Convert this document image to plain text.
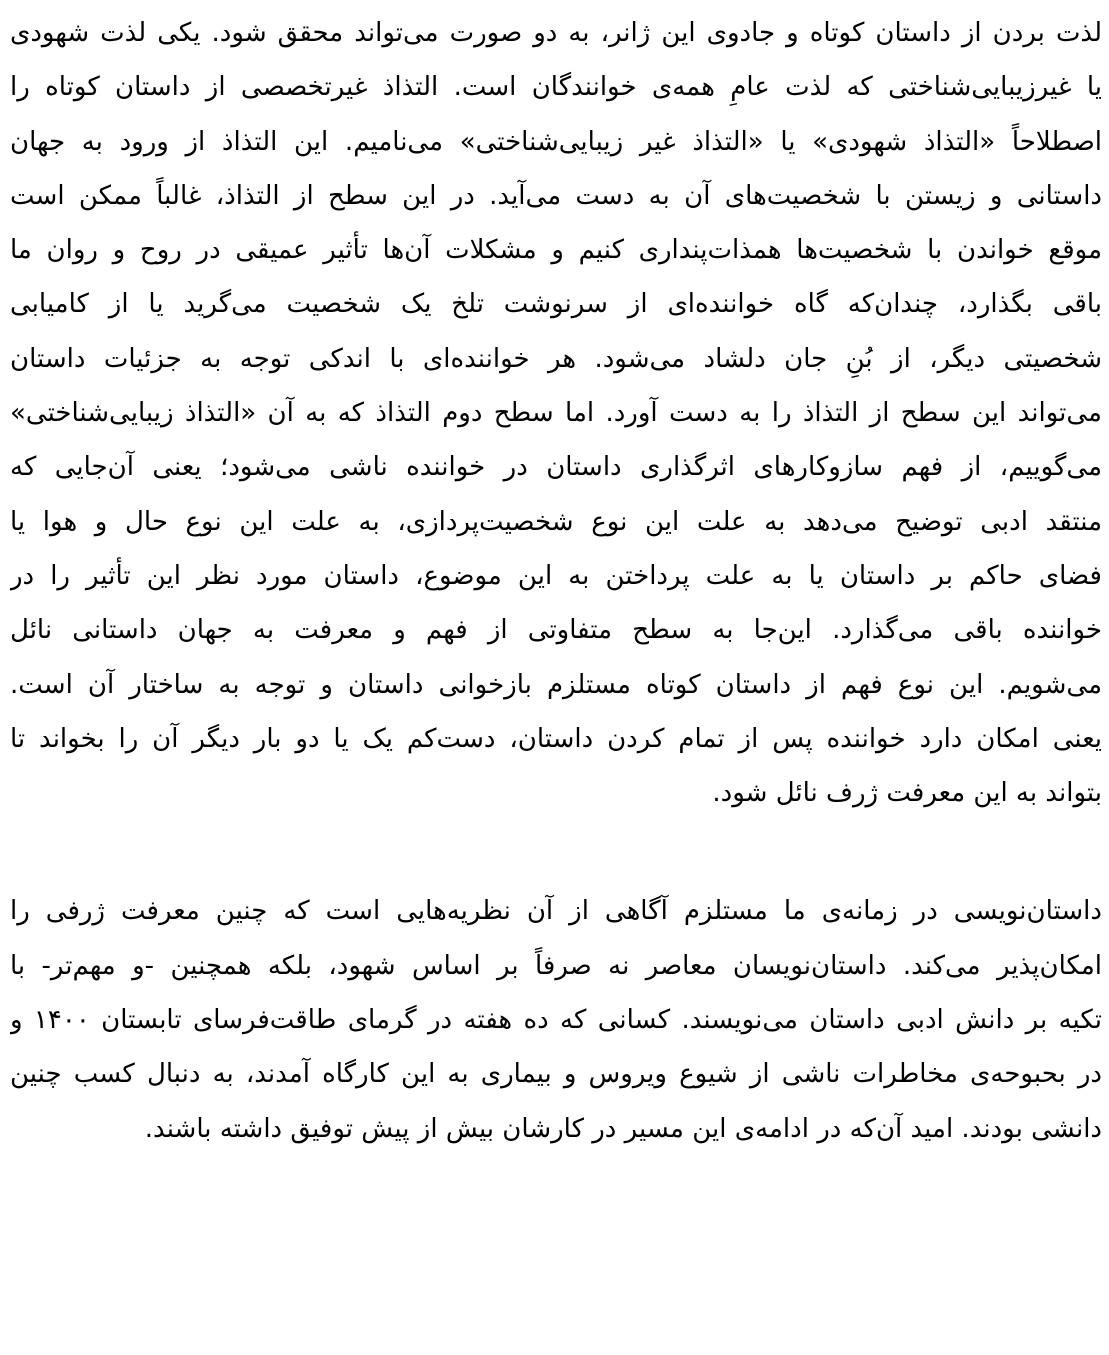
لذت بردن از داستان کوتاه و جادوی این ژانر، به دو صورت می‌تواند محقق شود. یکی لذت شهودی
یا غیرزیبایی‌شناختی که لذت عامِ همه‌ی خوانندگان است. التذاذ غیرتخصصی از داستان کوتاه را
اصطلاحاً «التذاذ شهودی» یا «التذاذ غیر زیبایی‌شناختی» می‌نامیم. این التذاذ از ورود به جهان
داستانی و زیستن با شخصیت‌های آن به دست می‌آید. در این سطح از التذاذ، غالباً ممکن است
موقع خواندن با شخصیت‌ها همذات‌پنداری کنیم و مشکلات آن‌ها تأثیر عمیقی در روح و روان ما
باقی بگذارد، چندان‌که گاه خواننده‌ای از سرنوشت تلخ یک شخصیت می‌گرید یا از کامیابی
شخصیتی دیگر، از بُنِ جان دلشاد می‌شود. هر خواننده‌ای با اندکی توجه به جزئیات داستان
می‌تواند این سطح از التذاذ را به دست آورد. اما سطح دوم التذاذ که به آن «التذاذ زیبایی‌شناختی»
می‌گوییم، از فهم سازوکارهای اثرگذاری داستان در خواننده ناشی می‌شود؛ یعنی آن‌جایی که
منتقد ادبی توضیح می‌دهد به علت این نوع شخصیت‌پردازی، به علت این نوع حال و هوا یا
فضای حاکم بر داستان یا به علت پرداختن به این موضوع، داستان مورد نظر این تأثیر را در
خواننده باقی می‌گذارد. این‌جا به سطح متفاوتی از فهم و معرفت به جهان داستانی نائل
می‌شویم. این نوع فهم از داستان کوتاه مستلزم بازخوانی داستان و توجه به ساختار آن است.
یعنی امکان دارد خواننده پس از تمام کردن داستان، دست‌کم یک یا دو بار دیگر آن را بخواند تا
بتواند به این معرفت ژرف نائل شود.
داستان‌نویسی در زمانه‌ی ما مستلزم آگاهی از آن نظریه‌هایی است که چنین معرفت ژرفی را
امکان‌پذیر می‌کند. داستان‌نویسان معاصر نه صرفاً بر اساس شهود، بلکه همچنین -و مهم‌تر- با
تکیه بر دانش ادبی داستان می‌نویسند. کسانی که ده هفته در گرمای طاقت‌فرسای تابستان ۱۴۰۰ و
در بحبوحه‌ی مخاطرات ناشی از شیوع ویروس و بیماری به این کارگاه آمدند، به دنبال کسب چنین
دانشی بودند. امید آن‌که در ادامه‌ی این مسیر در کارشان بیش از پیش توفیق داشته باشند.
